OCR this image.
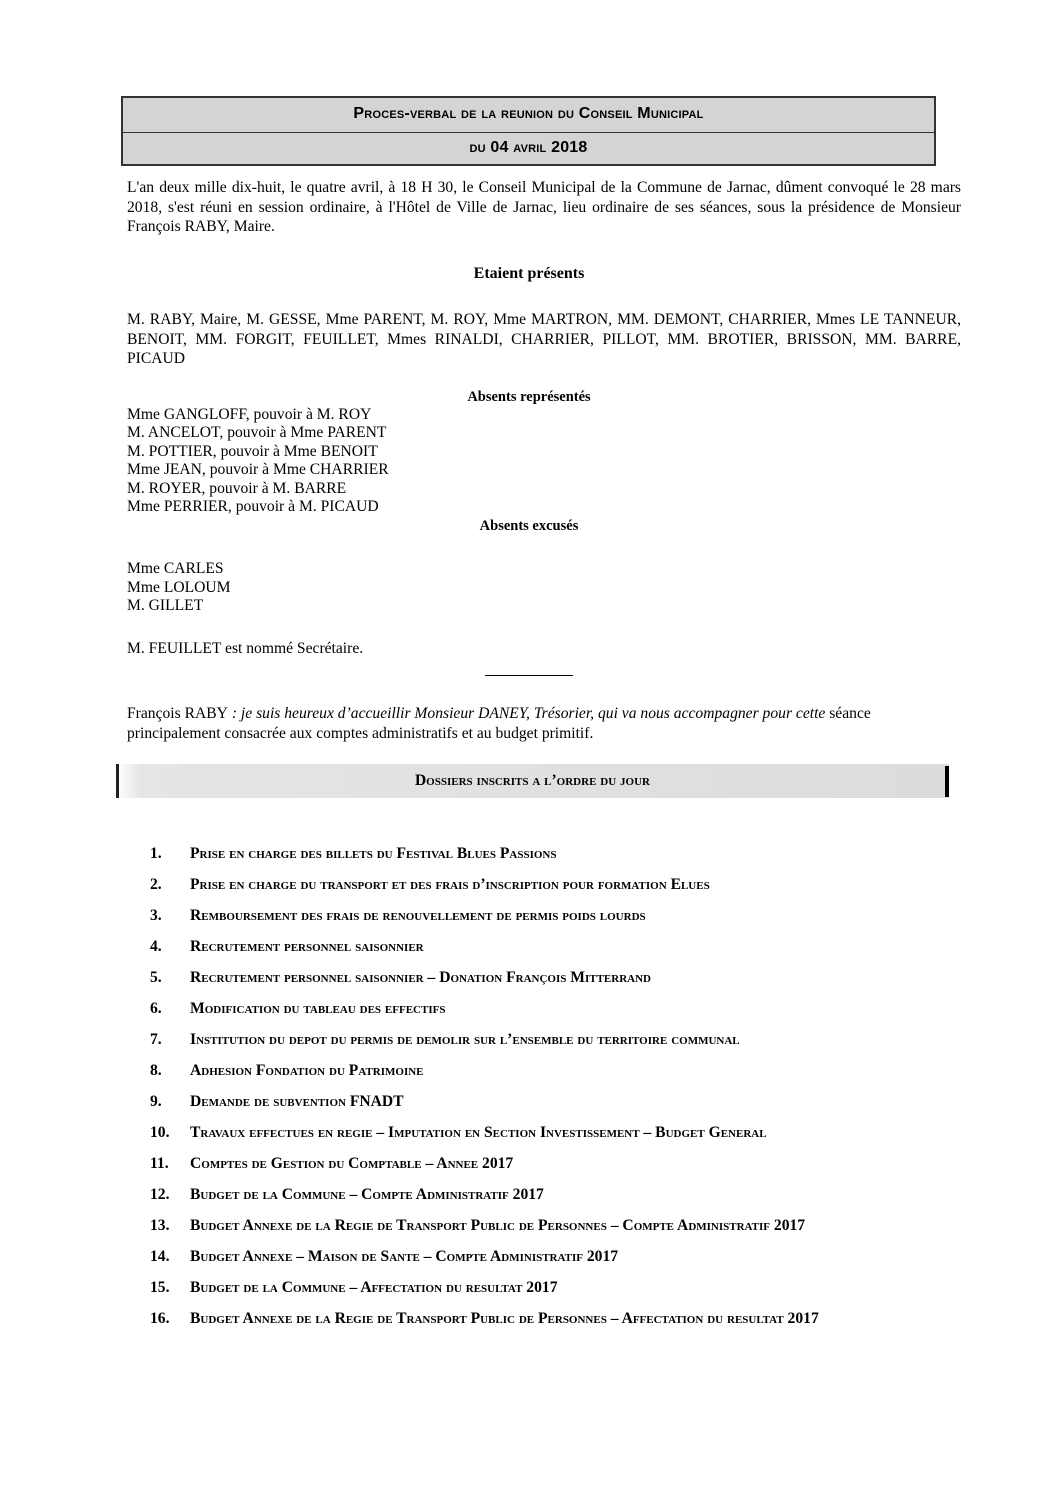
Proces-verbal de la reunion du Conseil Municipal
du 04 avril 2018
L'an deux mille dix-huit, le quatre avril, à 18 H 30, le Conseil Municipal de la Commune de Jarnac, dûment convoqué le 28 mars 2018, s'est réuni en session ordinaire, à l'Hôtel de Ville de Jarnac, lieu ordinaire de ses séances, sous la présidence de Monsieur François RABY, Maire.
Etaient présents
M. RABY, Maire, M. GESSE, Mme PARENT, M. ROY, Mme MARTRON, MM. DEMONT, CHARRIER, Mmes LE TANNEUR, BENOIT, MM. FORGIT, FEUILLET, Mmes RINALDI, CHARRIER, PILLOT, MM. BROTIER, BRISSON, MM. BARRE, PICAUD
Absents représentés
Mme GANGLOFF, pouvoir à M. ROY
M. ANCELOT, pouvoir à Mme PARENT
M. POTTIER, pouvoir à Mme BENOIT
Mme JEAN, pouvoir à Mme CHARRIER
M. ROYER, pouvoir à M. BARRE
Mme PERRIER, pouvoir à M. PICAUD
Absents excusés
Mme CARLES
Mme LOLOUM
M. GILLET
M. FEUILLET est nommé Secrétaire.
François RABY : je suis heureux d’accueillir Monsieur DANEY, Trésorier, qui va nous accompagner pour cette séance principalement consacrée aux comptes administratifs et au budget primitif.
Dossiers inscrits a l’ordre du jour
1 .	Prise en charge des billets du Festival Blues Passions
2 .	Prise en charge du transport et des frais d’inscription pour formation Elues
3 .	Remboursement des frais de renouvellement de permis poids lourds
4 .	Recrutement personnel saisonnier
5 .	Recrutement personnel saisonnier – Donation François Mitterrand
6 .	Modification du tableau des effectifs
7 .	Institution du depot du permis de demolir sur l’ensemble du territoire communal
8 .	Adhesion Fondation du Patrimoine
9 .	Demande de subvention FNADT
10 .	Travaux effectues en regie – Imputation en Section Investissement – Budget General
11 .	Comptes de Gestion du Comptable – Annee 2017
12 .	Budget de la Commune – Compte Administratif 2017
13 .	Budget Annexe de la Regie de Transport Public de Personnes – Compte Administratif 2017
14 .	Budget Annexe – Maison de Sante – Compte Administratif 2017
15 .	Budget de la Commune – Affectation du resultat 2017
16 .	Budget Annexe de la Regie de Transport Public de Personnes – Affectation du resultat 2017
